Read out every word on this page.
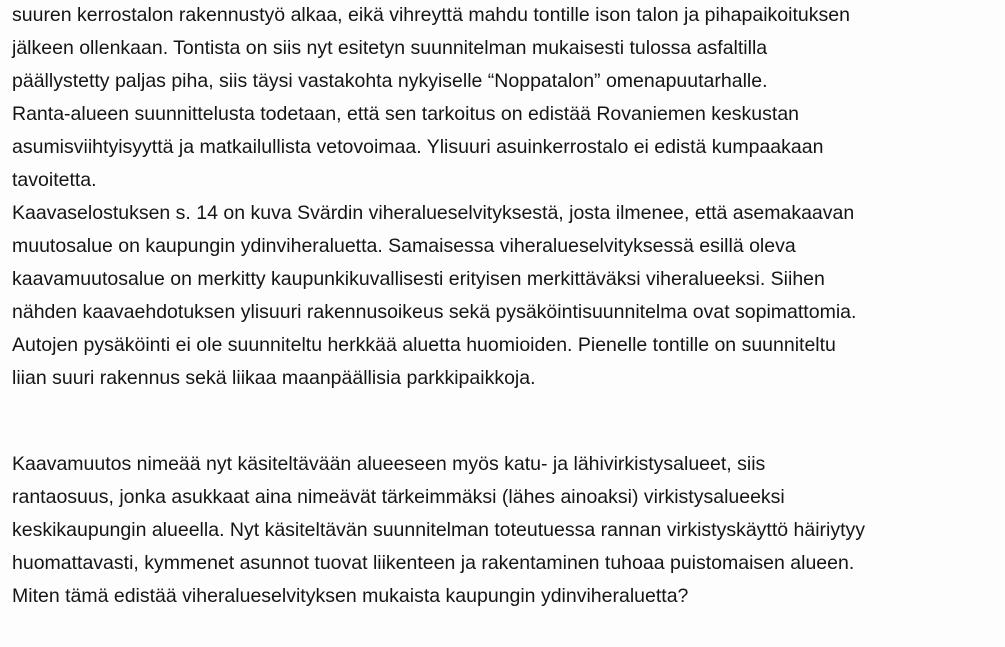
suuren kerrostalon rakennustyö alkaa, eikä vihreyttä mahdu tontille ison talon ja pihapaikoituksen
jälkeen ollenkaan. Tontista on siis nyt esitetyn suunnitelman mukaisesti tulossa asfaltilla
päällystetty paljas piha, siis täysi vastakohta nykyiselle “Noppatalon” omenapuutarhalle.
Ranta-alueen suunnittelusta todetaan, että sen tarkoitus on edistää Rovaniemen keskustan
asumisviihtyisyyttä ja matkailullista vetovoimaa. Ylisuuri asuinkerrostalo ei edistä kumpaakaan
tavoitetta.
Kaavaselostuksen s. 14 on kuva Svärdin viheralueselvityksestä, josta ilmenee, että asemakaavan
muutosalue on kaupungin ydinviheraluetta. Samaisessa viheralueselvityksessä esillä oleva
kaavamuutosalue on merkitty kaupunkikuvallisesti erityisen merkittäväksi viheralueeksi. Siihen
nähden kaavaehdotuksen ylisuuri rakennusoikeus sekä pysäköintisuunnitelma ovat sopimattomia.
Autojen pysäköinti ei ole suunniteltu herkkää aluetta huomioiden. Pienelle tontille on suunniteltu
liian suuri rakennus sekä liikaa maanpäällisia parkkipaikkoja.
Kaavamuutos nimeää nyt käsiteltävään alueeseen myös katu- ja lähivirkistysalueet, siis
rantaosuus, jonka asukkaat aina nimeävät tärkeimmäksi (lähes ainoaksi) virkistysalueeksi
keskikaupungin alueella. Nyt käsiteltävän suunnitelman toteutuessa rannan virkistyskäyttö häiriytyy
huomattavasti, kymmenet asunnot tuovat liikenteen ja rakentaminen tuhoaa puistomaisen alueen.
Miten tämä edistää viheralueselvityksen mukaista kaupungin ydinviheraluetta?
